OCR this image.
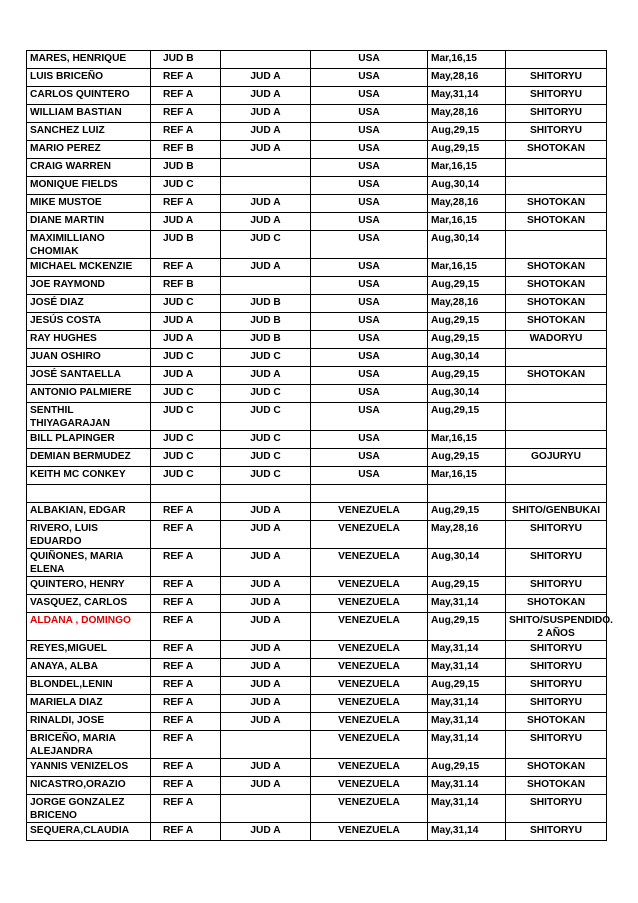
MARES, HENRIQUE	JUD B		USA	Mar,16,15	
LUIS BRICEÑO	REF A	JUD A	USA	May,28,16	SHITORYU
CARLOS QUINTERO	REF A	JUD A	USA	May,31,14	SHITORYU
WILLIAM BASTIAN	REF A	JUD A	USA	May,28,16	SHITORYU
SANCHEZ LUIZ	REF A	JUD A	USA	Aug,29,15	SHITORYU
MARIO PEREZ	REF B	JUD A	USA	Aug,29,15	SHOTOKAN
CRAIG WARREN	JUD B		USA	Mar,16,15	
MONIQUE FIELDS	JUD C		USA	Aug,30,14	
MIKE MUSTOE	REF A	JUD A	USA	May,28,16	SHOTOKAN
DIANE MARTIN	JUD A	JUD A	USA	Mar,16,15	SHOTOKAN
MAXIMILLIANO CHOMIAK	JUD B	JUD C	USA	Aug,30,14	
MICHAEL MCKENZIE	REF A	JUD A	USA	Mar,16,15	SHOTOKAN
JOE RAYMOND	REF B		USA	Aug,29,15	SHOTOKAN
JOSÉ DIAZ	JUD C	JUD B	USA	May,28,16	SHOTOKAN
JESÚS COSTA	JUD A	JUD B	USA	Aug,29,15	SHOTOKAN
RAY HUGHES	JUD A	JUD B	USA	Aug,29,15	WADORYU
JUAN OSHIRO	JUD C	JUD C	USA	Aug,30,14	
JOSÉ SANTAELLA	JUD A	JUD A	USA	Aug,29,15	SHOTOKAN
ANTONIO PALMIERE	JUD C	JUD C	USA	Aug,30,14	
SENTHIL THIYAGARAJAN	JUD C	JUD C	USA	Aug,29,15	
BILL PLAPINGER	JUD C	JUD C	USA	Mar,16,15	
DEMIAN BERMUDEZ	JUD C	JUD C	USA	Aug,29,15	GOJURYU
KEITH MC CONKEY	JUD C	JUD C	USA	Mar,16,15	

ALBAKIAN, EDGAR	REF A	JUD A	VENEZUELA	Aug,29,15	SHITO/GENBUKAI
RIVERO, LUIS EDUARDO	REF A	JUD A	VENEZUELA	May,28,16	SHITORYU
QUIÑONES, MARIA ELENA	REF A	JUD A	VENEZUELA	Aug,30,14	SHITORYU
QUINTERO, HENRY	REF A	JUD A	VENEZUELA	Aug,29,15	SHITORYU
VASQUEZ, CARLOS	REF A	JUD A	VENEZUELA	May,31,14	SHOTOKAN
ALDANA , DOMINGO	REF A	JUD A	VENEZUELA	Aug,29,15	SHITO/SUSPENDIDO. 2 AÑOS
REYES,MIGUEL	REF A	JUD A	VENEZUELA	May,31,14	SHITORYU
ANAYA, ALBA	REF A	JUD A	VENEZUELA	May,31,14	SHITORYU
BLONDEL,LENIN	REF A	JUD A	VENEZUELA	Aug,29,15	SHITORYU
MARIELA DIAZ	REF A	JUD A	VENEZUELA	May,31,14	SHITORYU
RINALDI, JOSE	REF A	JUD A	VENEZUELA	May,31,14	SHOTOKAN
BRICEÑO, MARIA ALEJANDRA	REF A		VENEZUELA	May,31,14	SHITORYU
YANNIS VENIZELOS	REF A	JUD A	VENEZUELA	Aug,29,15	SHOTOKAN
NICASTRO,ORAZIO	REF A	JUD A	VENEZUELA	May,31.14	SHOTOKAN
JORGE GONZALEZ BRICENO	REF A		VENEZUELA	May,31,14	SHITORYU
SEQUERA,CLAUDIA	REF A	JUD A	VENEZUELA	May,31,14	SHITORYU
